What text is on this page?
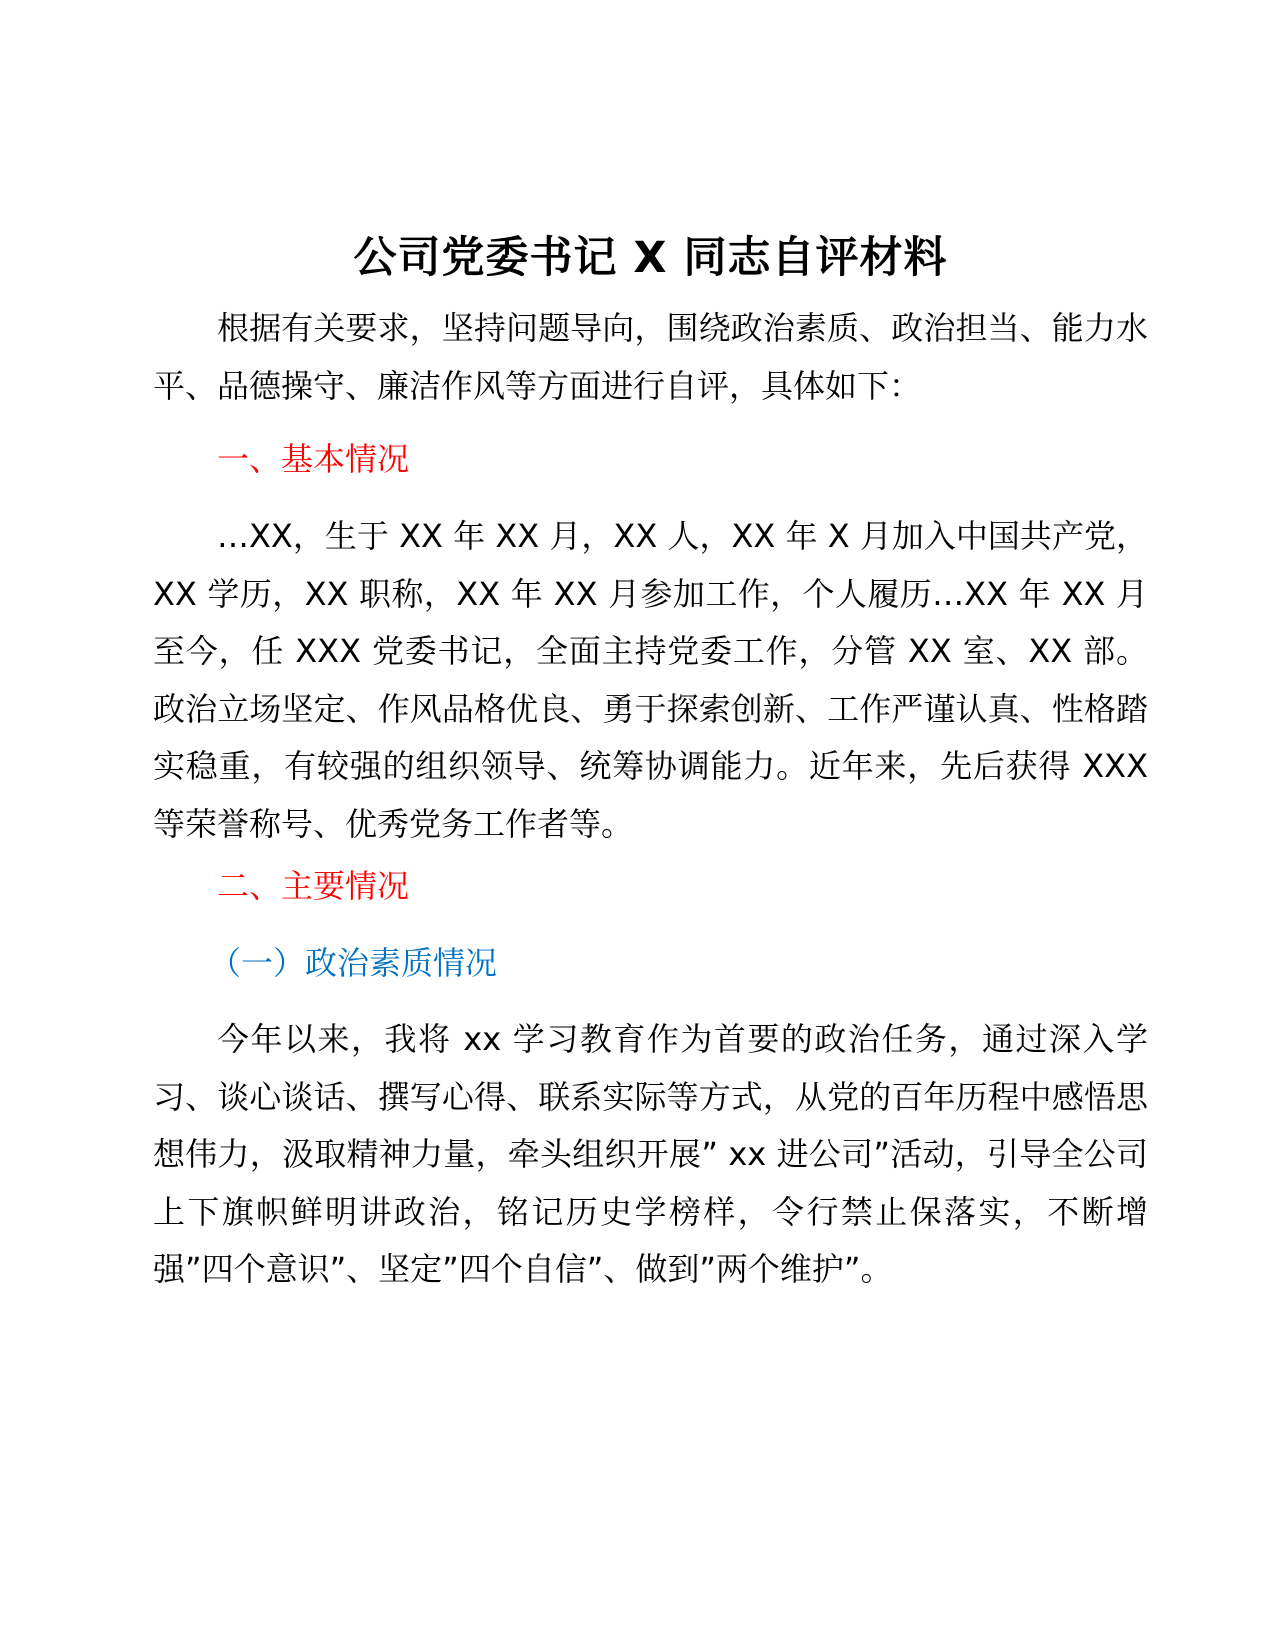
公司党委书记 X 同志自评材料

根据有关要求，坚持问题导向，围绕政治素质、政治担当、能力水平、品德操守、廉洁作风等方面进行自评，具体如下：

一、基本情况

…XX，生于 XX 年 XX 月，XX 人，XX 年 X 月加入中国共产党，XX 学历，XX 职称，XX 年 XX 月参加工作，个人履历…XX 年 XX 月至今，任 XXX 党委书记，全面主持党委工作，分管 XX 室、XX 部。政治立场坚定、作风品格优良、勇于探索创新、工作严谨认真、性格踏实稳重，有较强的组织领导、统筹协调能力。近年来，先后获得 XXX 等荣誉称号、优秀党务工作者等。

二、主要情况

（一）政治素质情况

今年以来，我将 xx 学习教育作为首要的政治任务，通过深入学习、谈心谈话、撰写心得、联系实际等方式，从党的百年历程中感悟思想伟力，汲取精神力量，牵头组织开展” xx 进公司”活动，引导全公司上下旗帜鲜明讲政治，铭记历史学榜样，令行禁止保落实，不断增强”四个意识”、坚定”四个自信”、做到”两个维护”。
